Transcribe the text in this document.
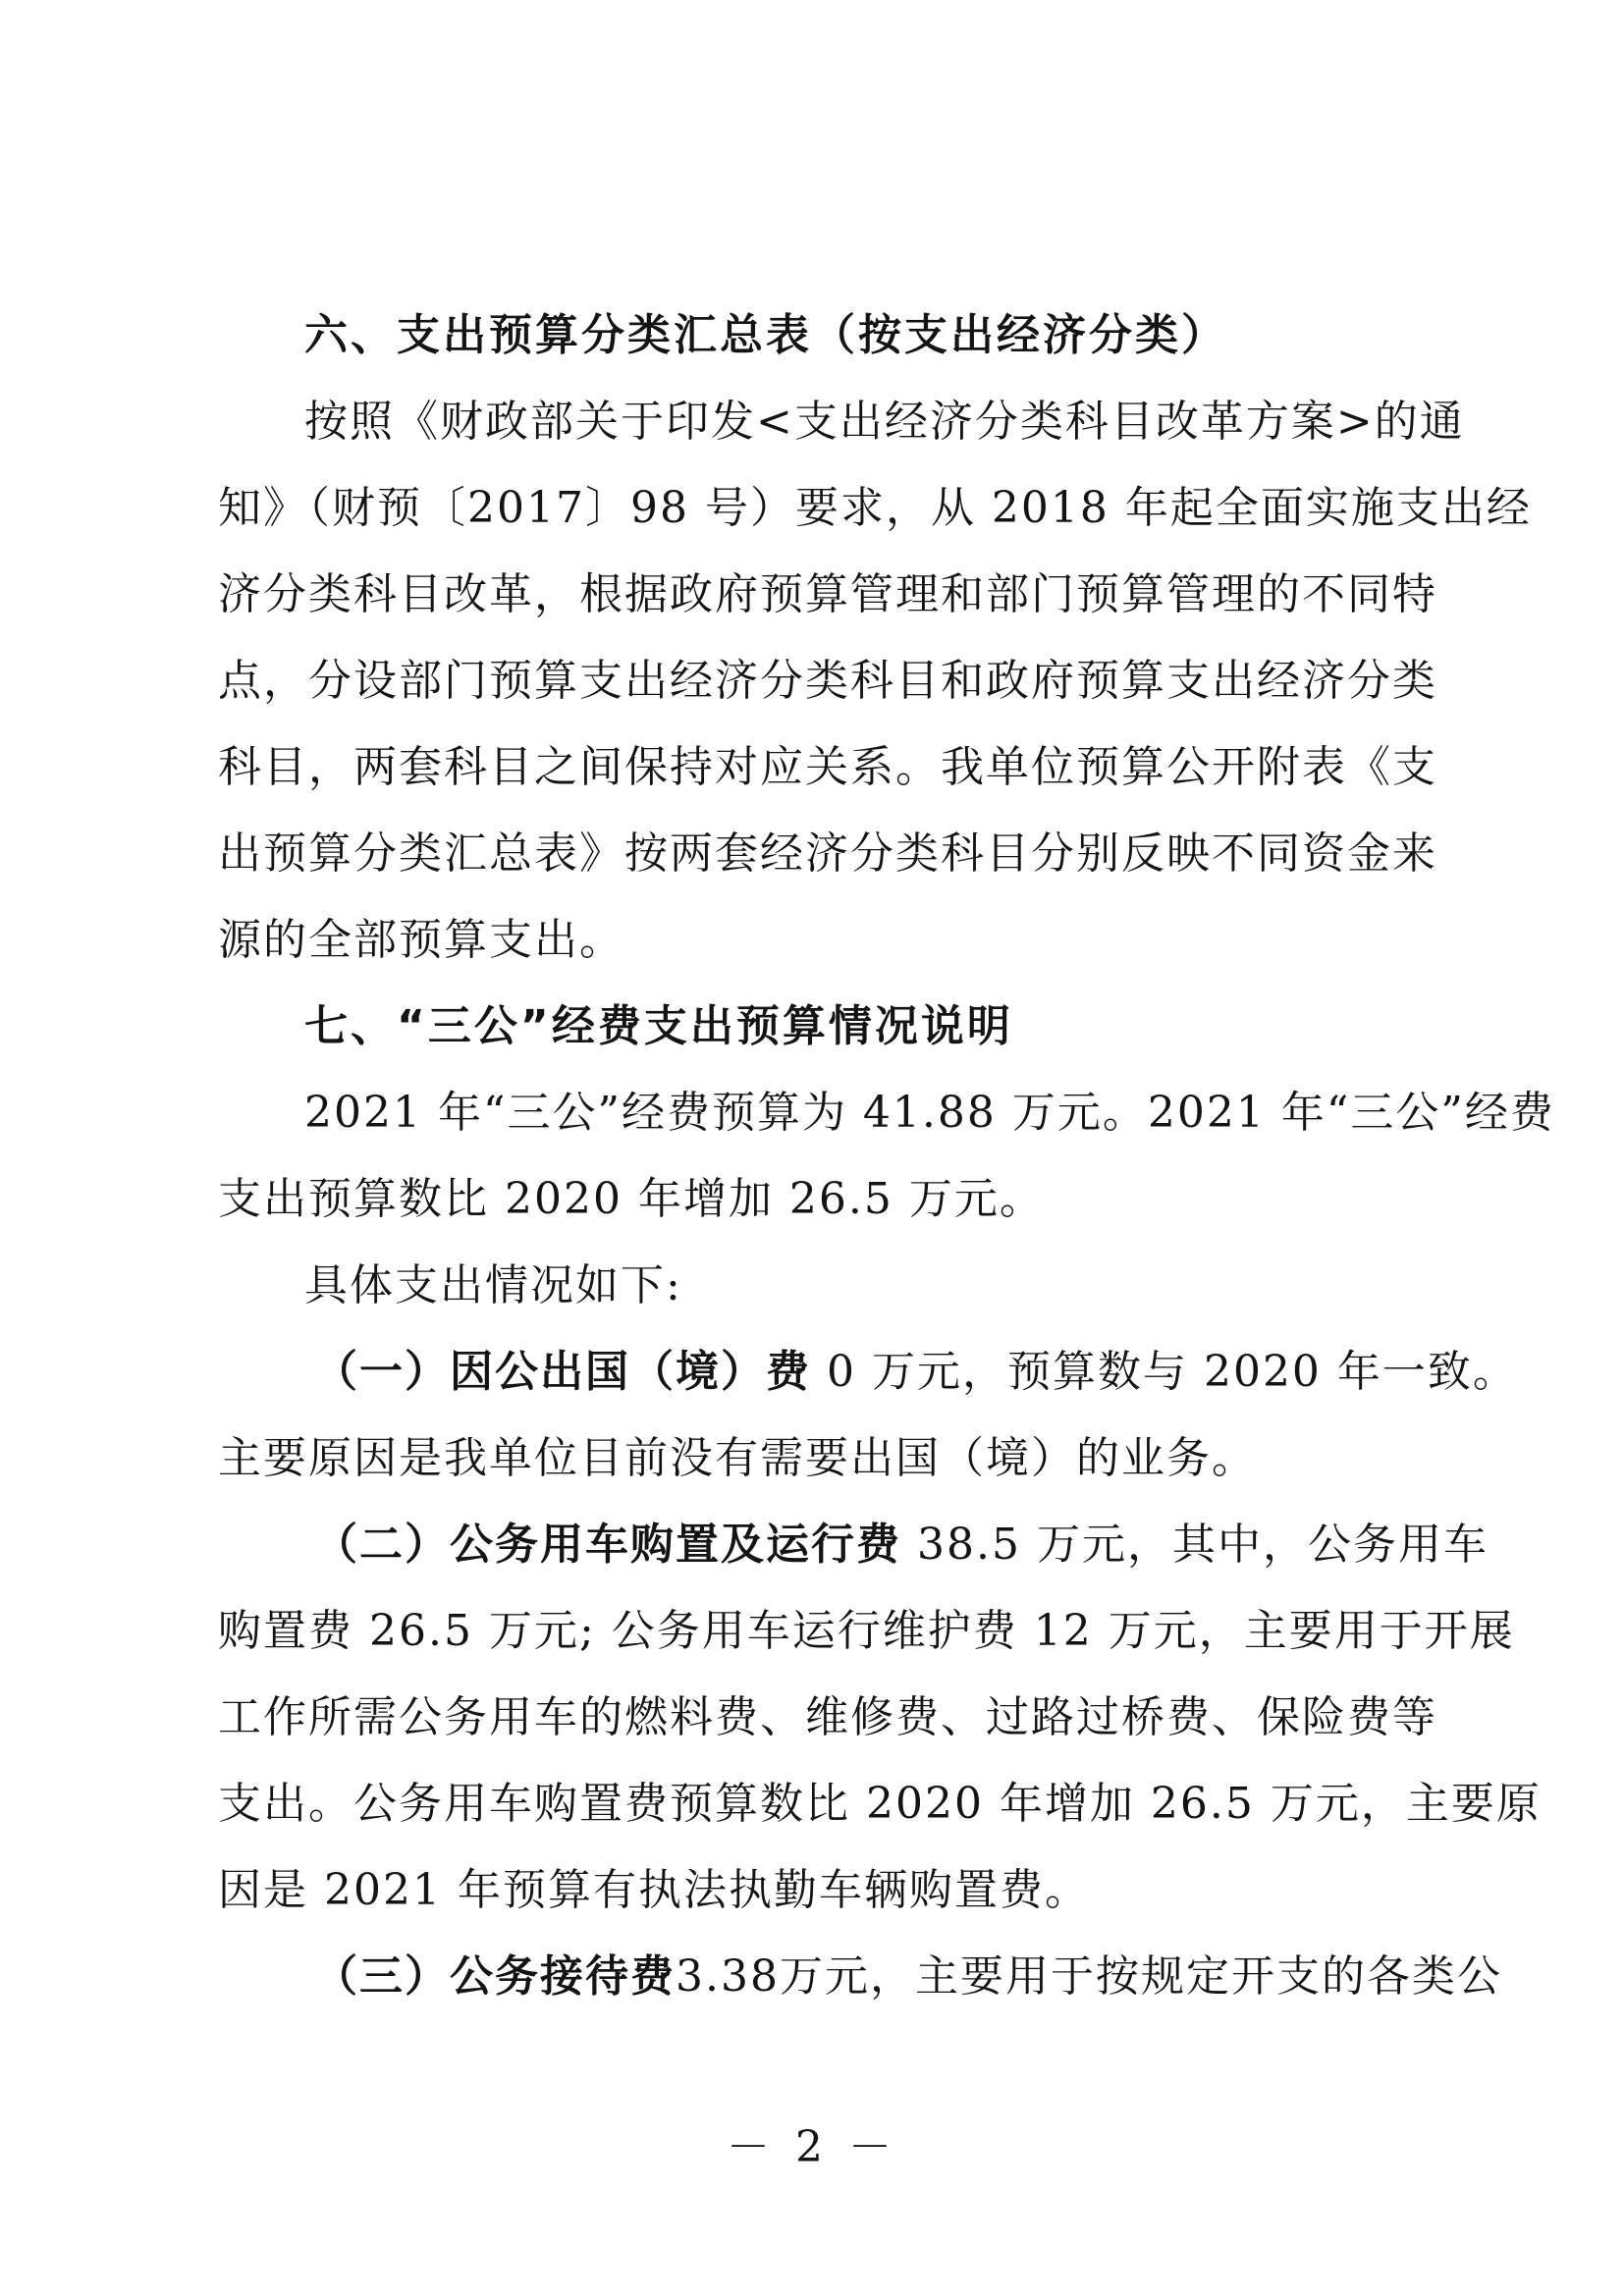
六、支出预算分类汇总表（按支出经济分类）
按照《财政部关于印发<支出经济分类科目改革方案>的通
知》（财预〔2017〕98 号）要求，从 2018 年起全面实施支出经
济分类科目改革，根据政府预算管理和部门预算管理的不同特
点，分设部门预算支出经济分类科目和政府预算支出经济分类
科目，两套科目之间保持对应关系。我单位预算公开附表《支
出预算分类汇总表》按两套经济分类科目分别反映不同资金来
源的全部预算支出。
七、“三公”经费支出预算情况说明
2021 年“三公”经费预算为 41.88 万元。2021 年“三公”经费
支出预算数比 2020 年增加 26.5 万元。
具体支出情况如下:
（一）因公出国（境）费 0 万元，预算数与 2020 年一致。
主要原因是我单位目前没有需要出国（境）的业务。
（二）公务用车购置及运行费 38.5 万元，其中，公务用车
购置费 26.5 万元; 公务用车运行维护费 12 万元，主要用于开展
工作所需公务用车的燃料费、维修费、过路过桥费、保险费等
支出。公务用车购置费预算数比 2020 年增加 26.5 万元，主要原
因是 2021 年预算有执法执勤车辆购置费。
（三）公务接待费3.38万元，主要用于按规定开支的各类公
－ 2 －
